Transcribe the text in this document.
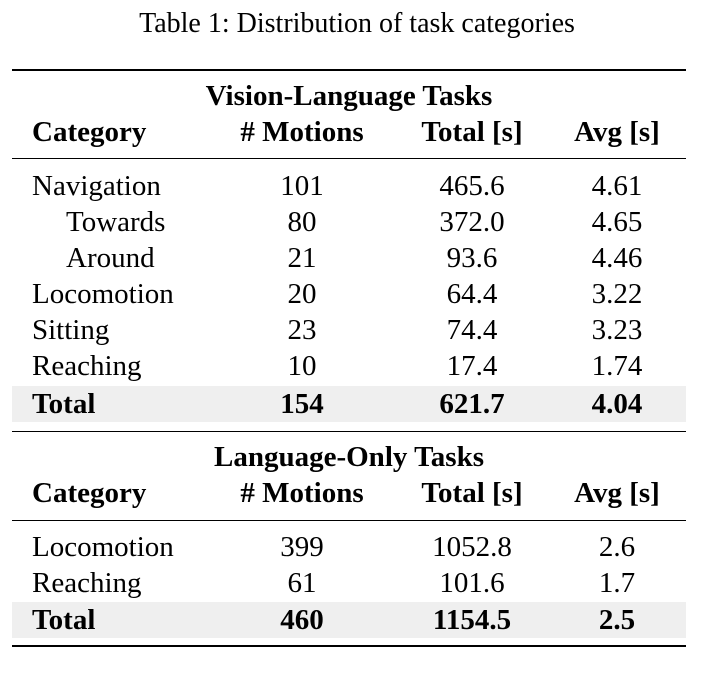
Table 1: Distribution of task categories
Vision-Language Tasks
Category	# Motions	Total [s]	Avg [s]
Navigation	101	465.6	4.61
Towards	80	372.0	4.65
Around	21	93.6	4.46
Locomotion	20	64.4	3.22
Sitting	23	74.4	3.23
Reaching	10	17.4	1.74
Total	154	621.7	4.04
Language-Only Tasks
Category	# Motions	Total [s]	Avg [s]
Locomotion	399	1052.8	2.6
Reaching	61	101.6	1.7
Total	460	1154.5	2.5
